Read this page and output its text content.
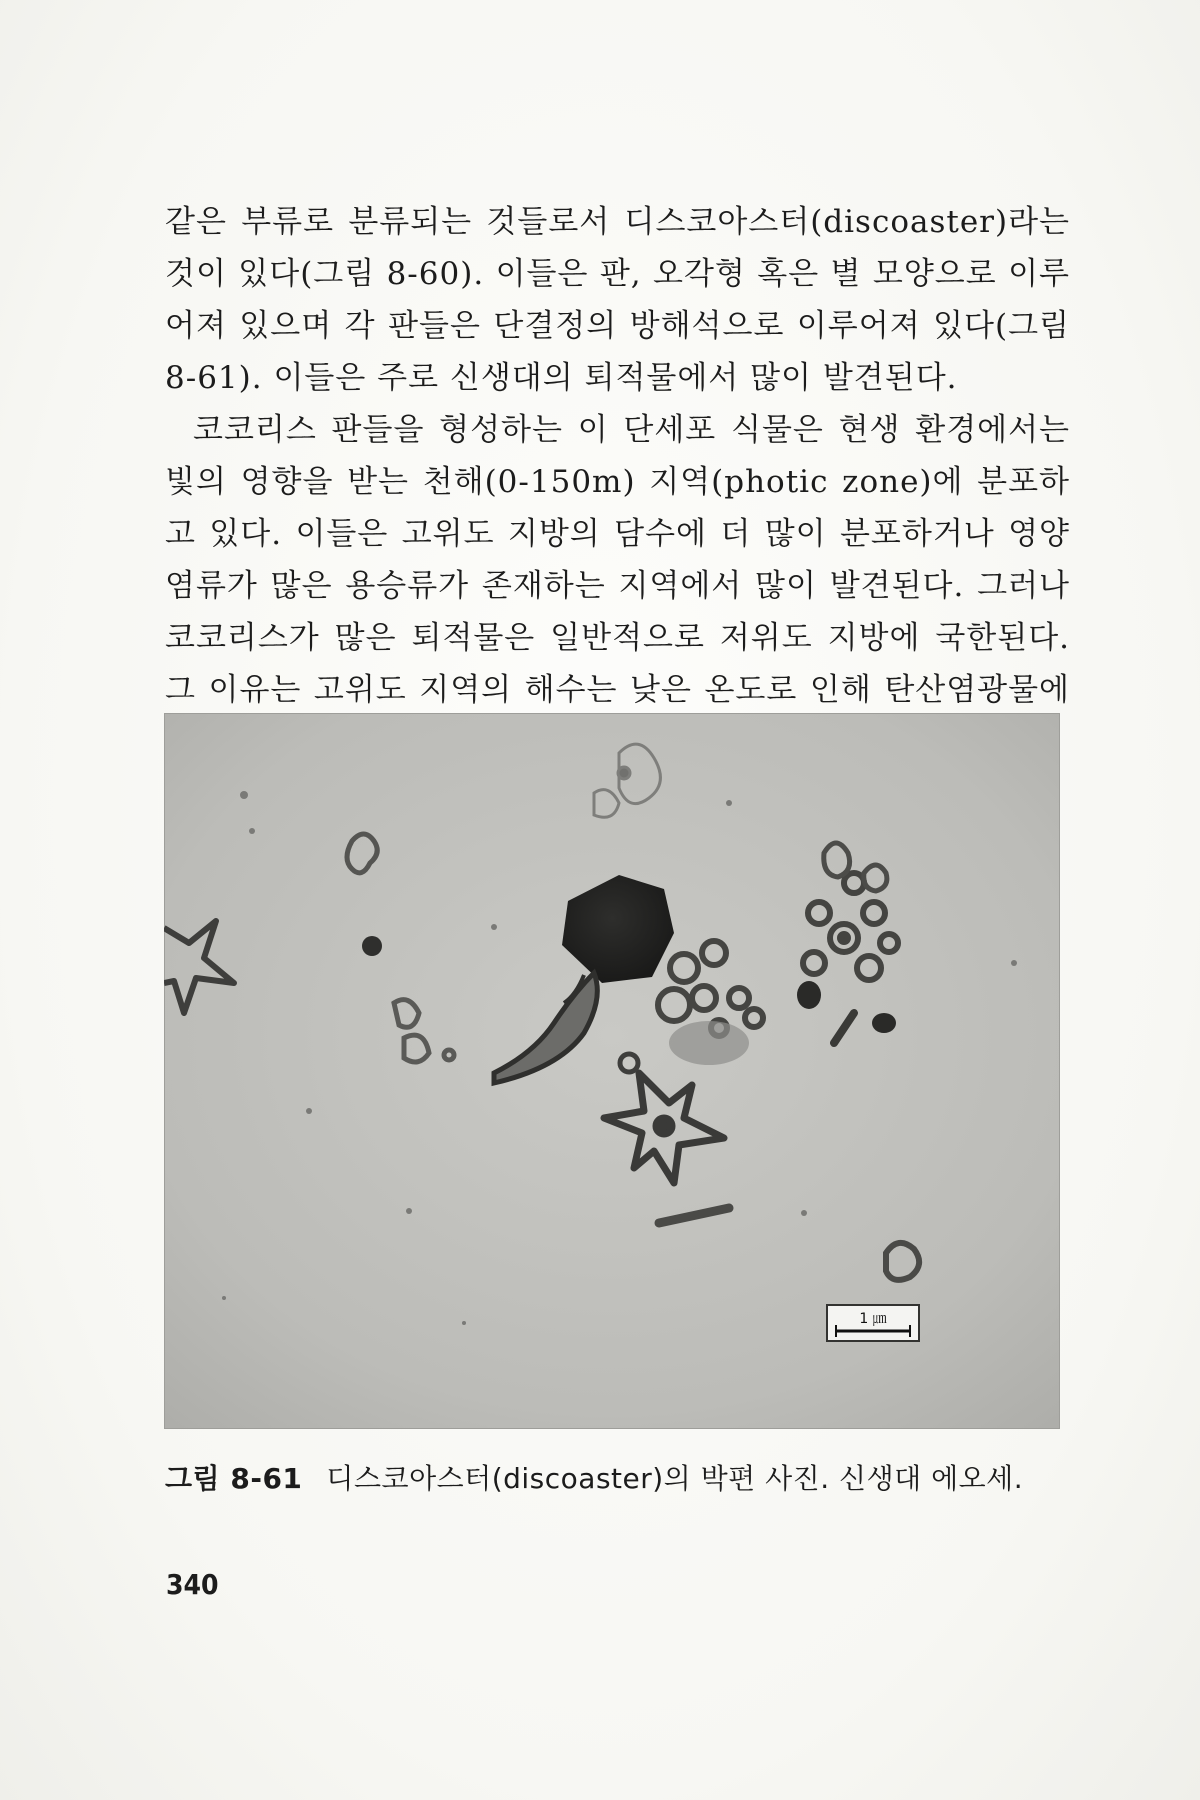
같은 부류로 분류되는 것들로서 디스코아스터(discoaster)라는 것이 있다(그림 8-60). 이들은 판, 오각형 혹은 별 모양으로 이루어져 있으며 각 판들은 단결정의 방해석으로 이루어져 있다(그림 8-61). 이들은 주로 신생대의 퇴적물에서 많이 발견된다.

코코리스 판들을 형성하는 이 단세포 식물은 현생 환경에서는 빛의 영향을 받는 천해(0-150m) 지역(photic zone)에 분포하고 있다. 이들은 고위도 지방의 담수에 더 많이 분포하거나 영양염류가 많은 용승류가 존재하는 지역에서 많이 발견된다. 그러나 코코리스가 많은 퇴적물은 일반적으로 저위도 지방에 국한된다. 그 이유는 고위도 지역의 해수는 낮은 온도로 인해 탄산염광물에

1 ㎛
그림 8-61 디스코아스터(discoaster)의 박편 사진. 신생대 에오세.
340
